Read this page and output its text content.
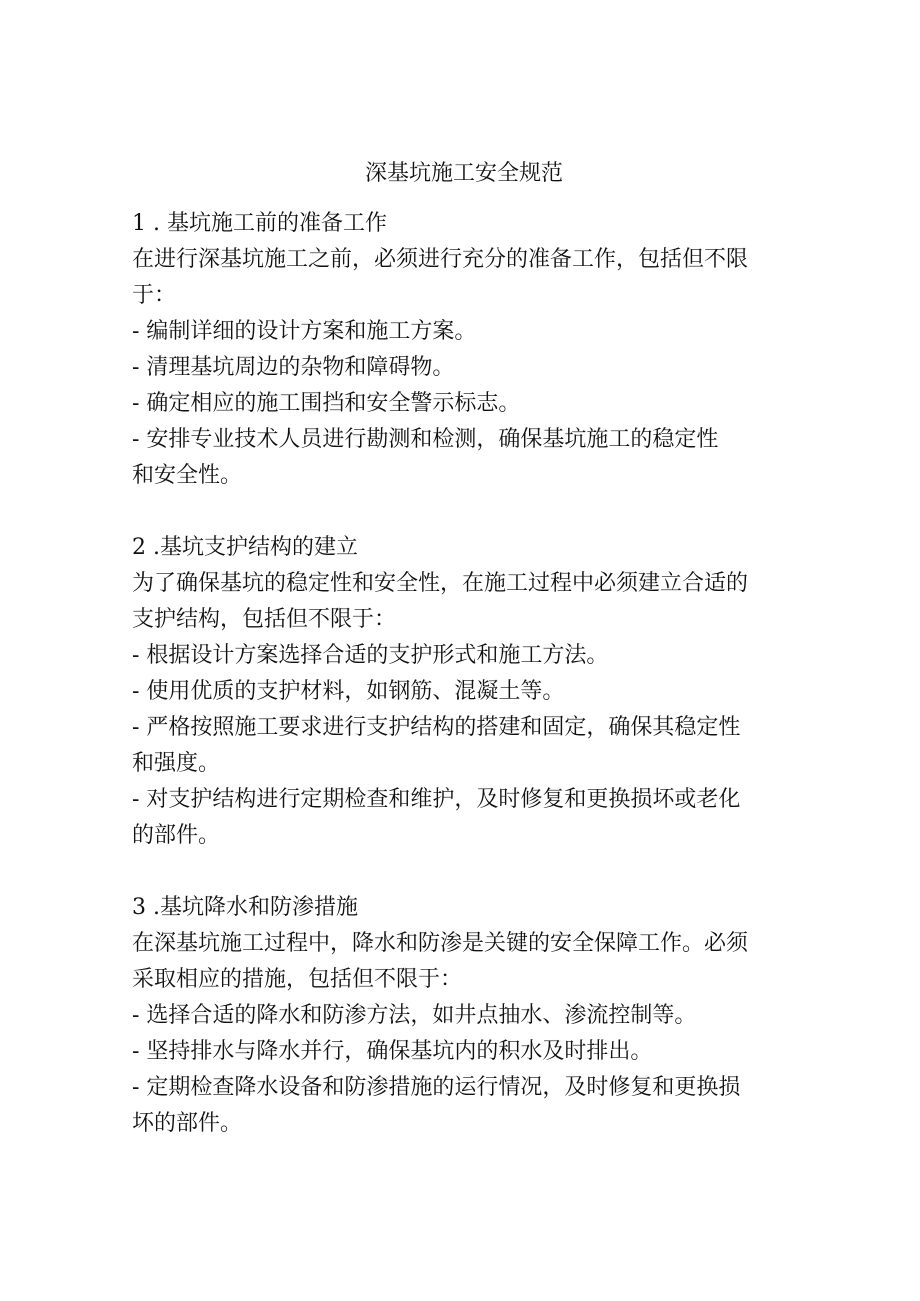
深基坑施工安全规范

1 . 基坑施工前的准备工作

在进行深基坑施工之前，必须进行充分的准备工作，包括但不限

于：

- 编制详细的设计方案和施工方案。

- 清理基坑周边的杂物和障碍物。

- 确定相应的施工围挡和安全警示标志。

- 安排专业技术人员进行勘测和检测，确保基坑施工的稳定性

和安全性。

2 .基坑支护结构的建立

为了确保基坑的稳定性和安全性，在施工过程中必须建立合适的

支护结构，包括但不限于：

- 根据设计方案选择合适的支护形式和施工方法。

- 使用优质的支护材料，如钢筋、混凝土等。

- 严格按照施工要求进行支护结构的搭建和固定，确保其稳定性

和强度。

- 对支护结构进行定期检查和维护，及时修复和更换损坏或老化

的部件。

3 .基坑降水和防渗措施

在深基坑施工过程中，降水和防渗是关键的安全保障工作。必须

采取相应的措施，包括但不限于：

- 选择合适的降水和防渗方法，如井点抽水、渗流控制等。

- 坚持排水与降水并行，确保基坑内的积水及时排出。

- 定期检查降水设备和防渗措施的运行情况，及时修复和更换损

坏的部件。
